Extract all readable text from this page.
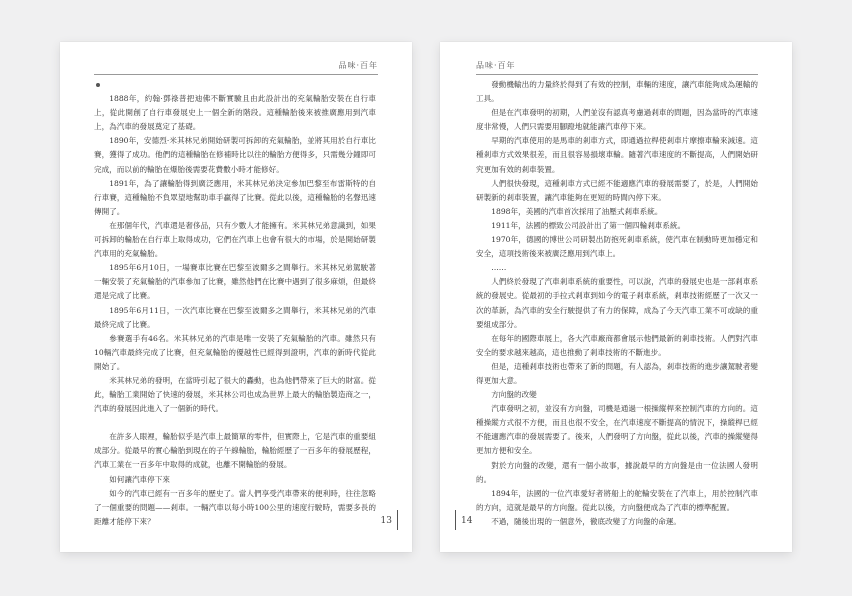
品味·百年

1888年，約翰·鄧祿普把迪佛不斷實驗且由此設計出的充氣輪胎安裝在自行車上，從此開創了自行車發展史上一個全新的階段。這種輪胎後來被推廣應用到汽車上，為汽車的發展奠定了基礎。

1890年，安德烈·米其林兄弟開始研製可拆卸的充氣輪胎，並將其用於自行車比賽，獲得了成功。他們的這種輪胎在修補時比以往的輪胎方便得多，只需幾分鐘即可完成，而以前的輪胎在爆胎後需要花費數小時才能修好。

1891年，為了讓輪胎得到廣泛應用，米其林兄弟決定參加巴黎至布雷斯特的自行車賽，這種輪胎不負眾望地幫助車手贏得了比賽。從此以後，這種輪胎的名聲迅速傳開了。

在那個年代，汽車還是奢侈品，只有少數人才能擁有。米其林兄弟意識到，如果可拆卸的輪胎在自行車上取得成功，它們在汽車上也會有很大的市場，於是開始研製汽車用的充氣輪胎。

1895年6月10日，一場賽車比賽在巴黎至波爾多之間舉行。米其林兄弟駕駛著一輛安裝了充氣輪胎的汽車參加了比賽，雖然他們在比賽中遇到了很多麻煩，但最終還是完成了比賽。

1895年6月11日，一次汽車比賽在巴黎至波爾多之間舉行，米其林兄弟的汽車最終完成了比賽。

參賽選手有46名。米其林兄弟的汽車是唯一安裝了充氣輪胎的汽車。雖然只有10輛汽車最終完成了比賽，但充氣輪胎的優越性已經得到證明，汽車的新時代從此開始了。

米其林兄弟的發明，在當時引起了很大的轟動，也為他們帶來了巨大的財富。從此，輪胎工業開始了快速的發展，米其林公司也成為世界上最大的輪胎製造商之一，汽車的發展因此進入了一個新的時代。

在許多人眼裡，輪胎似乎是汽車上最簡單的零件，但實際上，它是汽車的重要組成部分。從最早的實心輪胎到現在的子午線輪胎，輪胎經歷了一百多年的發展歷程，汽車工業在一百多年中取得的成就，也離不開輪胎的發展。

如何讓汽車停下來

如今的汽車已經有一百多年的歷史了。當人們享受汽車帶來的便利時，往往忽略了一個重要的問題——剎車。一輛汽車以每小時100公里的速度行駛時，需要多長的距離才能停下來？	13
品味·百年

發動機輸出的力量終於得到了有效的控制，車輛的速度，讓汽車能夠成為運輸的工具。

但是在汽車發明的初期，人們並沒有認真考慮過剎車的問題，因為當時的汽車速度非常慢，人們只需要用腳蹬地就能讓汽車停下來。

早期的汽車使用的是馬車的剎車方式，即通過拉桿使剎車片摩擦車輪來減速。這種剎車方式效果很差，而且很容易損壞車輪。隨著汽車速度的不斷提高，人們開始研究更加有效的剎車裝置。

人們很快發現，這種剎車方式已經不能適應汽車的發展需要了，於是，人們開始研製新的剎車裝置，讓汽車能夠在更短的時間內停下來。

1898年，美國的汽車首次採用了油壓式剎車系統。

1911年，法國的標致公司設計出了第一個四輪剎車系統。

1970年，德國的博世公司研製出防抱死剎車系統，使汽車在制動時更加穩定和安全，這項技術後來被廣泛應用到汽車上。

……

人們終於發現了汽車剎車系統的重要性，可以說，汽車的發展史也是一部剎車系統的發展史。從最初的手拉式剎車到如今的電子剎車系統，剎車技術經歷了一次又一次的革新，為汽車的安全行駛提供了有力的保障，成為了今天汽車工業不可或缺的重要組成部分。

在每年的國際車展上，各大汽車廠商都會展示他們最新的剎車技術。人們對汽車安全的要求越來越高，這也推動了剎車技術的不斷進步。

但是，這種剎車技術也帶來了新的問題，有人認為，剎車技術的進步讓駕駛者變得更加大意。

方向盤的改變

汽車發明之初，並沒有方向盤，司機是通過一根操縱桿來控制汽車的方向的。這種操縱方式很不方便，而且也很不安全，在汽車速度不斷提高的情況下，操縱桿已經不能適應汽車的發展需要了。後來，人們發明了方向盤，從此以後，汽車的操縱變得更加方便和安全。

對於方向盤的改變，還有一個小故事，據說最早的方向盤是由一位法國人發明的。

1894年，法國的一位汽車愛好者將船上的舵輪安裝在了汽車上，用於控制汽車的方向，這就是最早的方向盤。從此以後，方向盤便成為了汽車的標準配置。

不過，隨後出現的一個意外，徹底改變了方向盤的命運。

14
